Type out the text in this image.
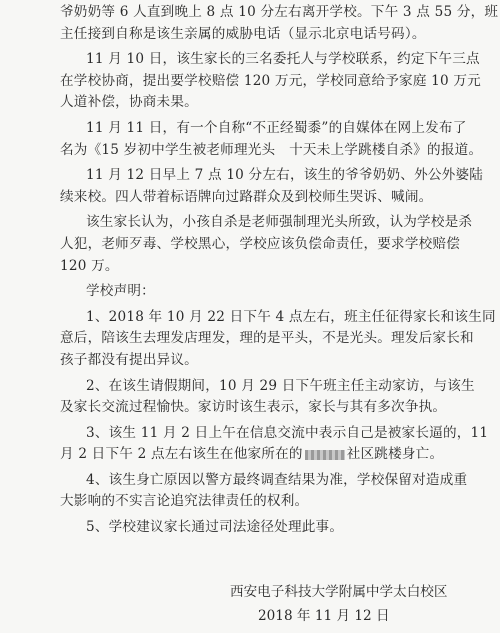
爷奶奶等 6 人直到晚上 8 点 10 分左右离开学校。下午 3 点 55 分，班
主任接到自称是该生亲属的威胁电话（显示北京电话号码）。
11 月 10 日，该生家长的三名委托人与学校联系，约定下午三点
在学校协商，提出要学校赔偿 120 万元，学校同意给予家庭 10 万元
人道补偿，协商未果。
11 月 11 日，有一个自称“不正经蜀黍”的自媒体在网上发布了
名为《15 岁初中学生被老师理光头　十天未上学跳楼自杀》的报道。
11 月 12 日早上 7 点 10 分左右，该生的爷爷奶奶、外公外婆陆
续来校。四人带着标语牌向过路群众及到校师生哭诉、喊闹。
该生家长认为，小孩自杀是老师强制理光头所致，认为学校是杀
人犯，老师歹毒、学校黑心，学校应该负偿命责任，要求学校赔偿
120 万。
学校声明：
1、2018 年 10 月 22 日下午 4 点左右，班主任征得家长和该生同
意后，陪该生去理发店理发，理的是平头，不是光头。理发后家长和
孩子都没有提出异议。
2、在该生请假期间，10 月 29 日下午班主任主动家访，与该生
及家长交流过程愉快。家访时该生表示，家长与其有多次争执。
3、该生 11 月 2 日上午在信息交流中表示自己是被家长逼的，11
月 2 日下午 2 点左右该生在他家所在的	社区跳楼身亡。
4、该生身亡原因以警方最终调查结果为准，学校保留对造成重
大影响的不实言论追究法律责任的权利。
5、学校建议家长通过司法途径处理此事。
西安电子科技大学附属中学太白校区
2018 年 11 月 12 日
